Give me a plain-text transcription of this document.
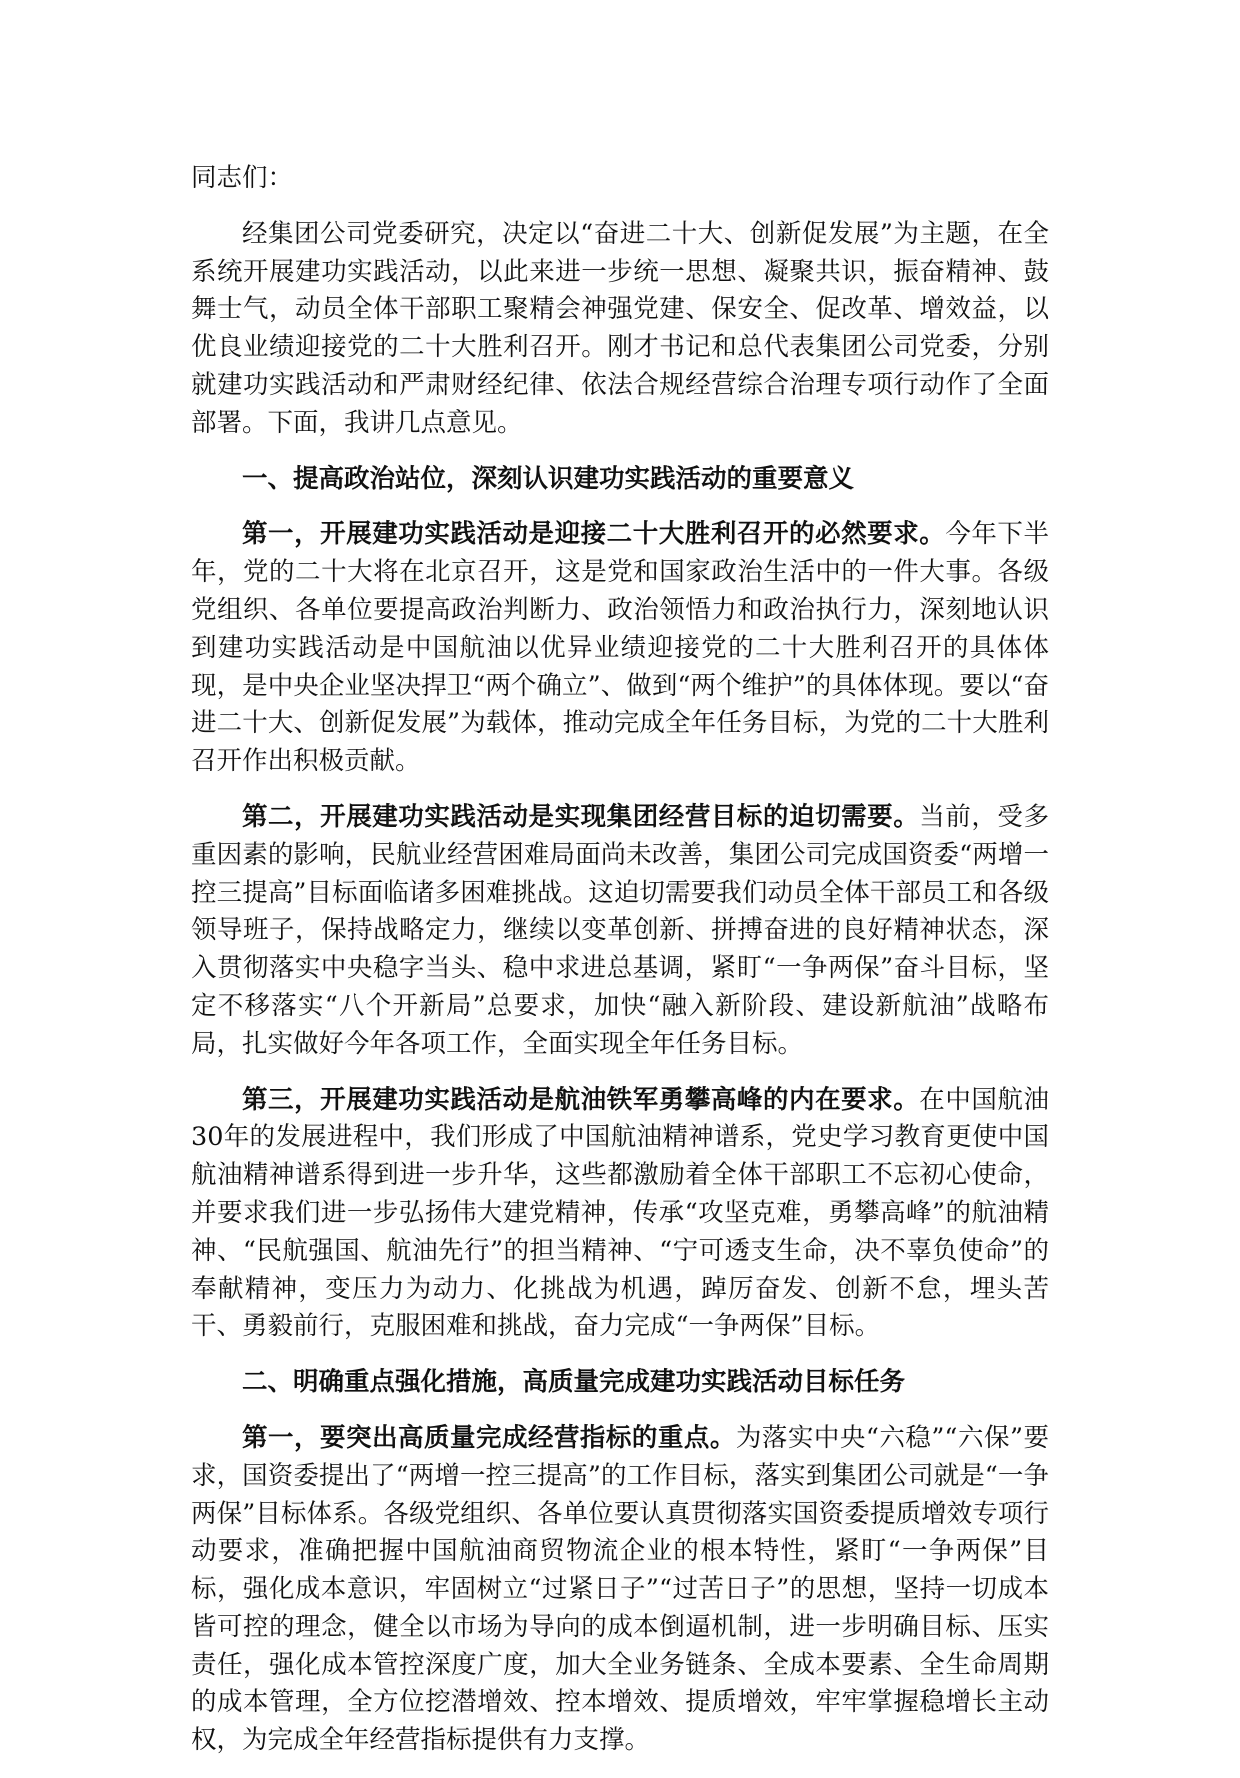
同志们：

经集团公司党委研究，决定以“奋进二十大、创新促发展”为主题，在全系统开展建功实践活动，以此来进一步统一思想、凝聚共识，振奋精神、鼓舞士气，动员全体干部职工聚精会神强党建、保安全、促改革、增效益，以优良业绩迎接党的二十大胜利召开。刚才书记和总代表集团公司党委，分别就建功实践活动和严肃财经纪律、依法合规经营综合治理专项行动作了全面部署。下面，我讲几点意见。

一、提高政治站位，深刻认识建功实践活动的重要意义

第一，开展建功实践活动是迎接二十大胜利召开的必然要求。今年下半年，党的二十大将在北京召开，这是党和国家政治生活中的一件大事。各级党组织、各单位要提高政治判断力、政治领悟力和政治执行力，深刻地认识到建功实践活动是中国航油以优异业绩迎接党的二十大胜利召开的具体体现，是中央企业坚决捍卫“两个确立”、做到“两个维护”的具体体现。要以“奋进二十大、创新促发展”为载体，推动完成全年任务目标，为党的二十大胜利召开作出积极贡献。

第二，开展建功实践活动是实现集团经营目标的迫切需要。当前，受多重因素的影响，民航业经营困难局面尚未改善，集团公司完成国资委“两增一控三提高”目标面临诸多困难挑战。这迫切需要我们动员全体干部员工和各级领导班子，保持战略定力，继续以变革创新、拼搏奋进的良好精神状态，深入贯彻落实中央稳字当头、稳中求进总基调，紧盯“一争两保”奋斗目标，坚定不移落实“八个开新局”总要求，加快“融入新阶段、建设新航油”战略布局，扎实做好今年各项工作，全面实现全年任务目标。

第三，开展建功实践活动是航油铁军勇攀高峰的内在要求。在中国航油30年的发展进程中，我们形成了中国航油精神谱系，党史学习教育更使中国航油精神谱系得到进一步升华，这些都激励着全体干部职工不忘初心使命，并要求我们进一步弘扬伟大建党精神，传承“攻坚克难，勇攀高峰”的航油精神、“民航强国、航油先行”的担当精神、“宁可透支生命，决不辜负使命”的奉献精神，变压力为动力、化挑战为机遇，踔厉奋发、创新不怠，埋头苦干、勇毅前行，克服困难和挑战，奋力完成“一争两保”目标。

二、明确重点强化措施，高质量完成建功实践活动目标任务

第一，要突出高质量完成经营指标的重点。为落实中央“六稳”“六保”要求，国资委提出了“两增一控三提高”的工作目标，落实到集团公司就是“一争两保”目标体系。各级党组织、各单位要认真贯彻落实国资委提质增效专项行动要求，准确把握中国航油商贸物流企业的根本特性，紧盯“一争两保”目标，强化成本意识，牢固树立“过紧日子”“过苦日子”的思想，坚持一切成本皆可控的理念，健全以市场为导向的成本倒逼机制，进一步明确目标、压实责任，强化成本管控深度广度，加大全业务链条、全成本要素、全生命周期的成本管理，全方位挖潜增效、控本增效、提质增效，牢牢掌握稳增长主动权，为完成全年经营指标提供有力支撑。
